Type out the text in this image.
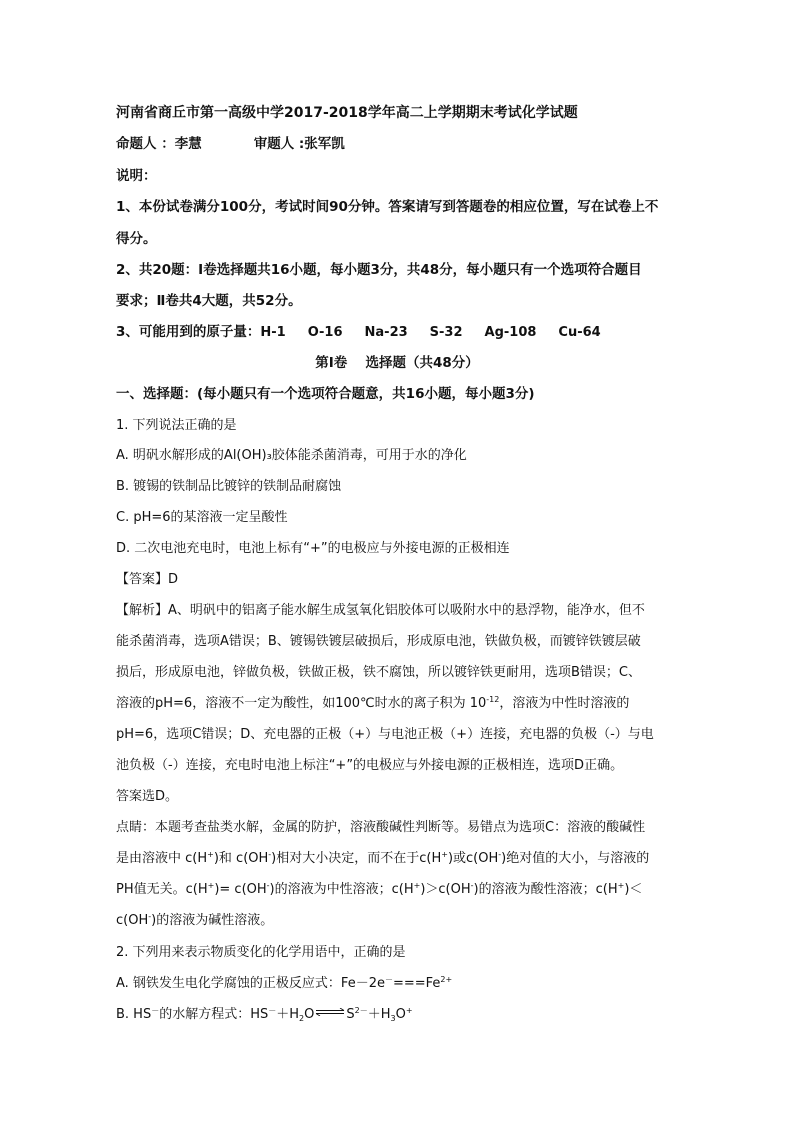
河南省商丘市第一高级中学2017-2018学年高二上学期期末考试化学试题
命题人 ：李慧	审题人 :张军凯
说明：
1、本份试卷满分100分，考试时间90分钟。答案请写到答题卷的相应位置，写在试卷上不
得分。
2、共20题：Ⅰ卷选择题共16小题，每小题3分，共48分，每小题只有一个选项符合题目
要求；Ⅱ卷共4大题，共52分。
3、可能用到的原子量：H-1 O-16 Na-23 S-32 Ag-108 Cu-64
第Ⅰ卷　 选择题（共48分）
一、选择题：(每小题只有一个选项符合题意，共16小题，每小题3分)
1. 下列说法正确的是
A. 明矾水解形成的Al(OH)₃胶体能杀菌消毒，可用于水的净化
B. 镀锡的铁制品比镀锌的铁制品耐腐蚀
C. pH=6的某溶液一定呈酸性
D. 二次电池充电时，电池上标有“+”的电极应与外接电源的正极相连
【答案】D
【解析】A、明矾中的铝离子能水解生成氢氧化铝胶体可以吸附水中的悬浮物，能净水，但不
能杀菌消毒，选项A错误；B、镀锡铁镀层破损后，形成原电池，铁做负极，而镀锌铁镀层破
损后，形成原电池，锌做负极，铁做正极，铁不腐蚀，所以镀锌铁更耐用，选项B错误；C、
溶液的pH=6，溶液不一定为酸性，如100℃时水的离子积为 $10^{-12}$，溶液为中性时溶液的
pH=6，选项C错误；D、充电器的正极（+）与电池正极（+）连接，充电器的负极（-）与电
池负极（-）连接，充电时电池上标注“+”的电极应与外接电源的正极相连，选项D正确。
答案选D。
点睛：本题考查盐类水解，金属的防护，溶液酸碱性判断等。易错点为选项C：溶液的酸碱性
是由溶液中 c(H+)和 c(OH-)相对大小决定，而不在于c(H+)或c(OH-)绝对值的大小，与溶液的
PH值无关。c(H+)= c(OH-)的溶液为中性溶液；c(H+)＞c(OH-)的溶液为酸性溶液；c(H+)＜
c(OH-)的溶液为碱性溶液。
2. 下列用来表示物质变化的化学用语中，正确的是
A. 钢铁发生电化学腐蚀的正极反应式：$Fe-2e^-===Fe^{2+}$
B. HS－的水解方程式：$HS^-+H_2O\rightleftharpoons S^{2-}+H_3O^+$
